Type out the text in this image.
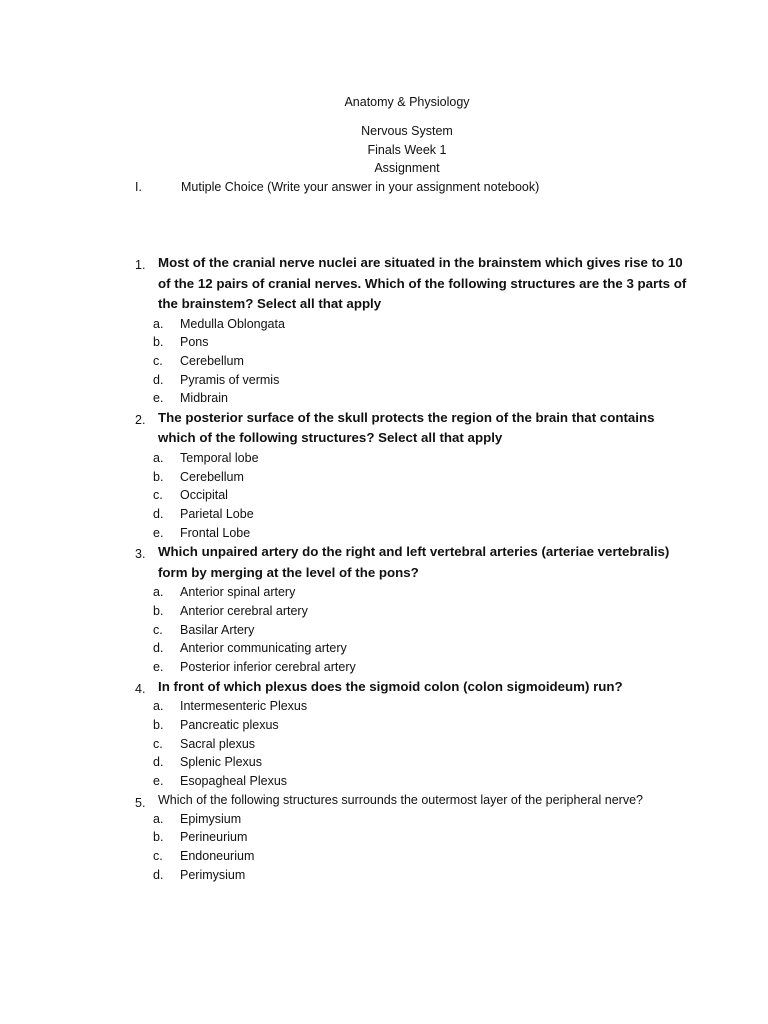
Anatomy & Physiology
Nervous System
Finals Week 1
Assignment
I.	Mutiple Choice (Write your answer in your assignment notebook)
1. Most of the cranial nerve nuclei are situated in the brainstem which gives rise to 10 of the 12 pairs of cranial nerves. Which of the following structures are the 3 parts of the brainstem? Select all that apply
a. Medulla Oblongata
b. Pons
c. Cerebellum
d. Pyramis of vermis
e. Midbrain
2. The posterior surface of the skull protects the region of the brain that contains which of the following structures? Select all that apply
a. Temporal lobe
b. Cerebellum
c. Occipital
d. Parietal Lobe
e. Frontal Lobe
3. Which unpaired artery do the right and left vertebral arteries (arteriae vertebralis) form by merging at the level of the pons?
a. Anterior spinal artery
b. Anterior cerebral artery
c. Basilar Artery
d. Anterior communicating artery
e. Posterior inferior cerebral artery
4. In front of which plexus does the sigmoid colon (colon sigmoideum) run?
a. Intermesenteric Plexus
b. Pancreatic plexus
c. Sacral plexus
d. Splenic Plexus
e. Esopagheal Plexus
5. Which of the following structures surrounds the outermost layer of the peripheral nerve?
a. Epimysium
b. Perineurium
c. Endoneurium
d. Perimysium
